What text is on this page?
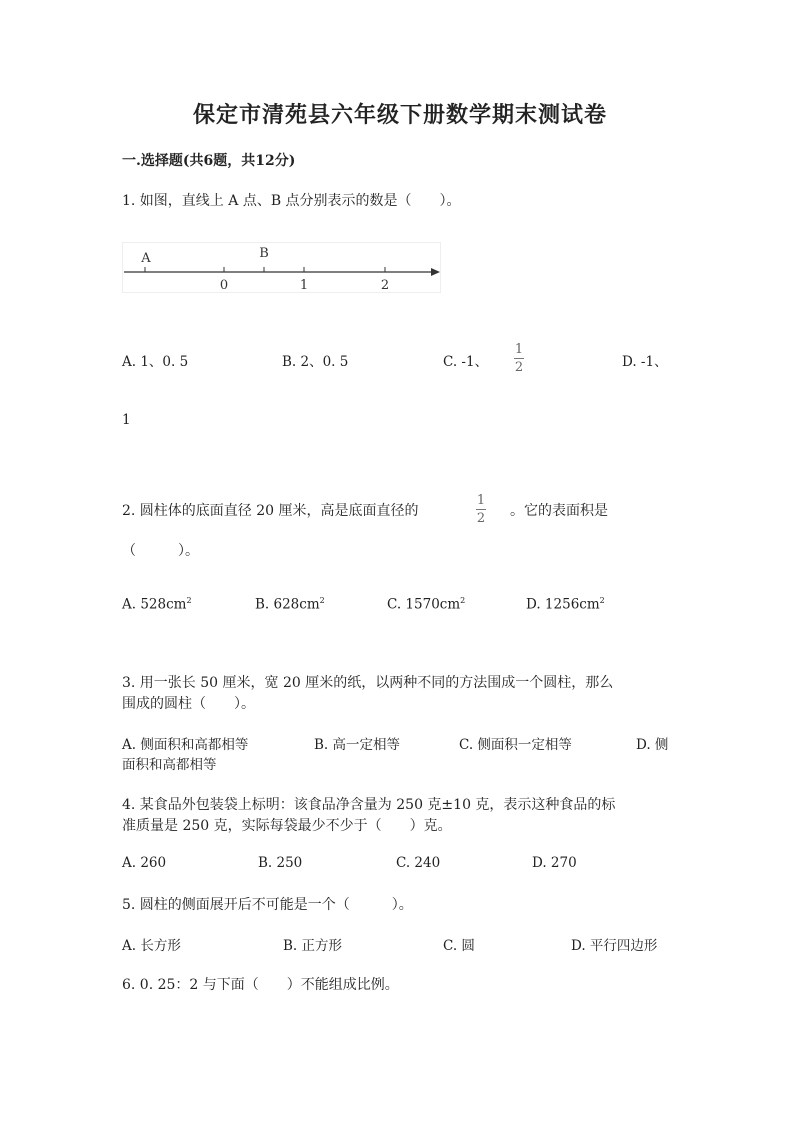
保定市清苑县六年级下册数学期末测试卷
一.选择题(共6题，共12分)
1. 如图，直线上 A 点、B 点分别表示的数是（　　）。
A	B
0	1	2
A. 1、0. 5	B. 2、0. 5	C. -1、
1
2	D. -1、
1
2. 圆柱体的底面直径 20 厘米，高是底面直径的
1
2 。它的表面积是
（　　　）。
A. $528cm^2$	B. $628cm^2$	C. $1570cm^2$	D. $1256cm^2$
3. 用一张长 50 厘米，宽 20 厘米的纸，以两种不同的方法围成一个圆柱，那么
围成的圆柱（　　）。
A. 侧面积和高都相等	B. 高一定相等	C. 侧面积一定相等	D. 侧
面积和高都相等
4. 某食品外包装袋上标明：该食品净含量为 250 克±10 克，表示这种食品的标
准质量是 250 克，实际每袋最少不少于（　　）克。
A. 260	B. 250	C. 240	D. 270
5. 圆柱的侧面展开后不可能是一个（　　　）。
A. 长方形	B. 正方形	C. 圆	D. 平行四边形
6. 0. 25：2 与下面（　　）不能组成比例。
